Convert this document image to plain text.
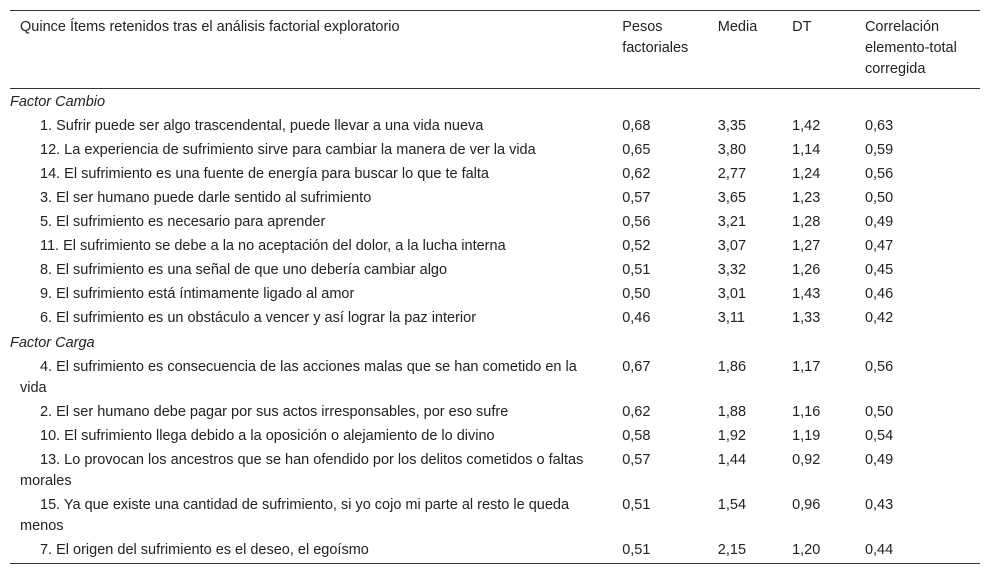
Quince Ítems retenidos tras el análisis factorial exploratorio	Pesos factoriales	Media	DT	Correlación elemento-total corregida
Factor Cambio				
1. Sufrir puede ser algo trascendental, puede llevar a una vida nueva	0,68	3,35	1,42	0,63
12. La experiencia de sufrimiento sirve para cambiar la manera de ver la vida	0,65	3,80	1,14	0,59
14. El sufrimiento es una fuente de energía para buscar lo que te falta	0,62	2,77	1,24	0,56
3. El ser humano puede darle sentido al sufrimiento	0,57	3,65	1,23	0,50
5. El sufrimiento es necesario para aprender	0,56	3,21	1,28	0,49
11. El sufrimiento se debe a la no aceptación del dolor, a la lucha interna	0,52	3,07	1,27	0,47
8. El sufrimiento es una señal de que uno debería cambiar algo	0,51	3,32	1,26	0,45
9. El sufrimiento está íntimamente ligado al amor	0,50	3,01	1,43	0,46
6. El sufrimiento es un obstáculo a vencer y así lograr la paz interior	0,46	3,11	1,33	0,42
Factor Carga				
4. El sufrimiento es consecuencia de las acciones malas que se han cometido en la vida	0,67	1,86	1,17	0,56
2. El ser humano debe pagar por sus actos irresponsables, por eso sufre	0,62	1,88	1,16	0,50
10. El sufrimiento llega debido a la oposición o alejamiento de lo divino	0,58	1,92	1,19	0,54
13. Lo provocan los ancestros que se han ofendido por los delitos cometidos o faltas morales	0,57	1,44	0,92	0,49
15. Ya que existe una cantidad de sufrimiento, si yo cojo mi parte al resto le queda menos	0,51	1,54	0,96	0,43
7. El origen del sufrimiento es el deseo, el egoísmo	0,51	2,15	1,20	0,44
